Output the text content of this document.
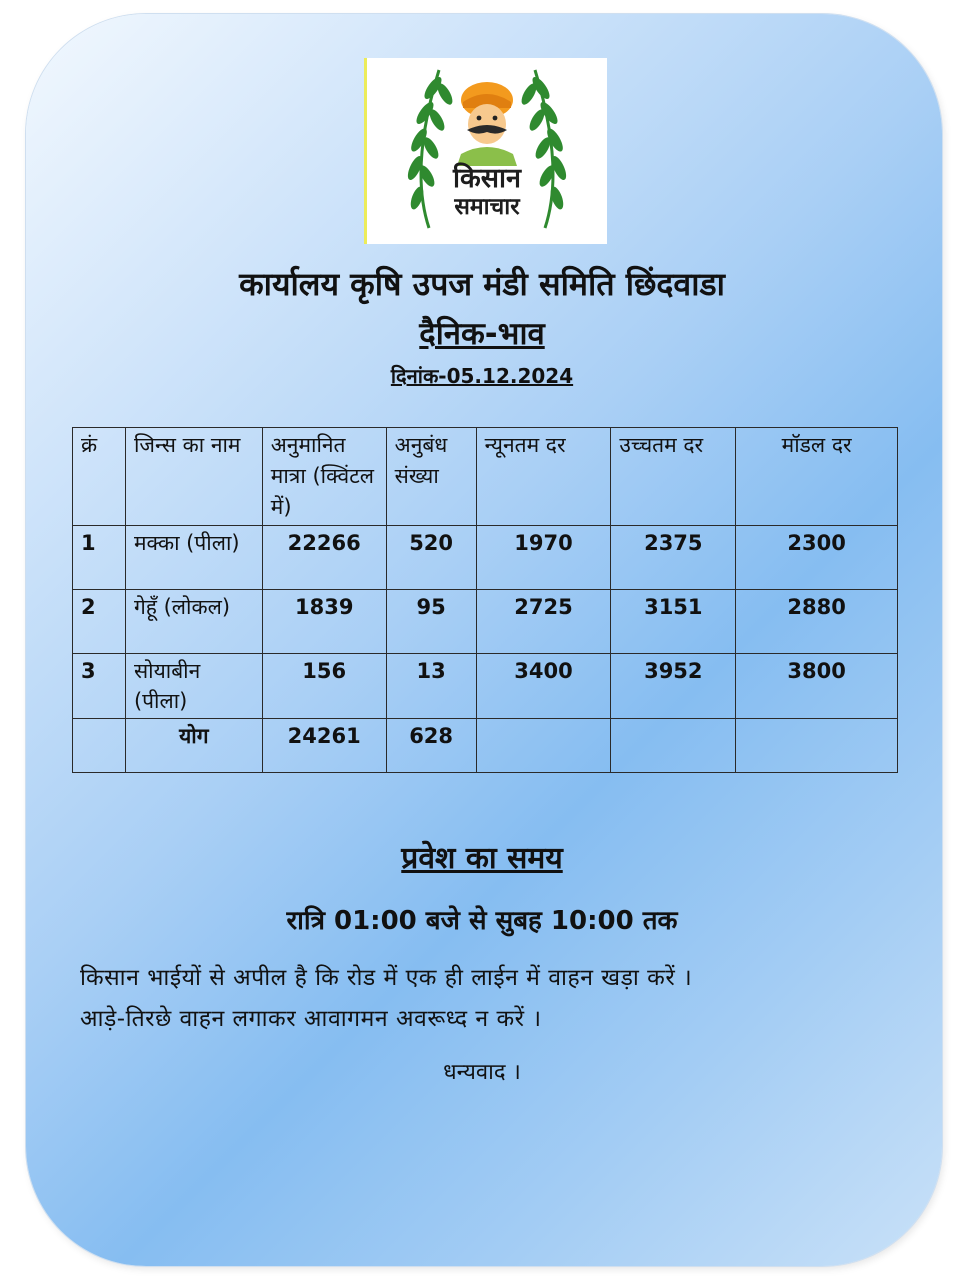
किसान
समाचार
कार्यालय कृषि उपज मंडी समिति छिंदवाडा
दैनिक-भाव
दिनांक-05.12.2024
क्रं	जिन्स का नाम	अनुमानित मात्रा (क्विंटल में)	अनुबंध संख्या	न्यूनतम दर	उच्चतम दर	मॉडल दर
1	मक्का (पीला)	22266	520	1970	2375	2300
2	गेहूँ (लोकल)	1839	95	2725	3151	2880
3	सोयाबीन (पीला)	156	13	3400	3952	3800
	योग	24261	628			
प्रवेश का समय
रात्रि 01:00 बजे से सुबह 10:00 तक
किसान भाईयों से अपील है कि रोड में एक ही लाईन में वाहन खड़ा करें ।
आड़े-तिरछे वाहन लगाकर आवागमन अवरूध्द न करें ।
धन्यवाद ।
